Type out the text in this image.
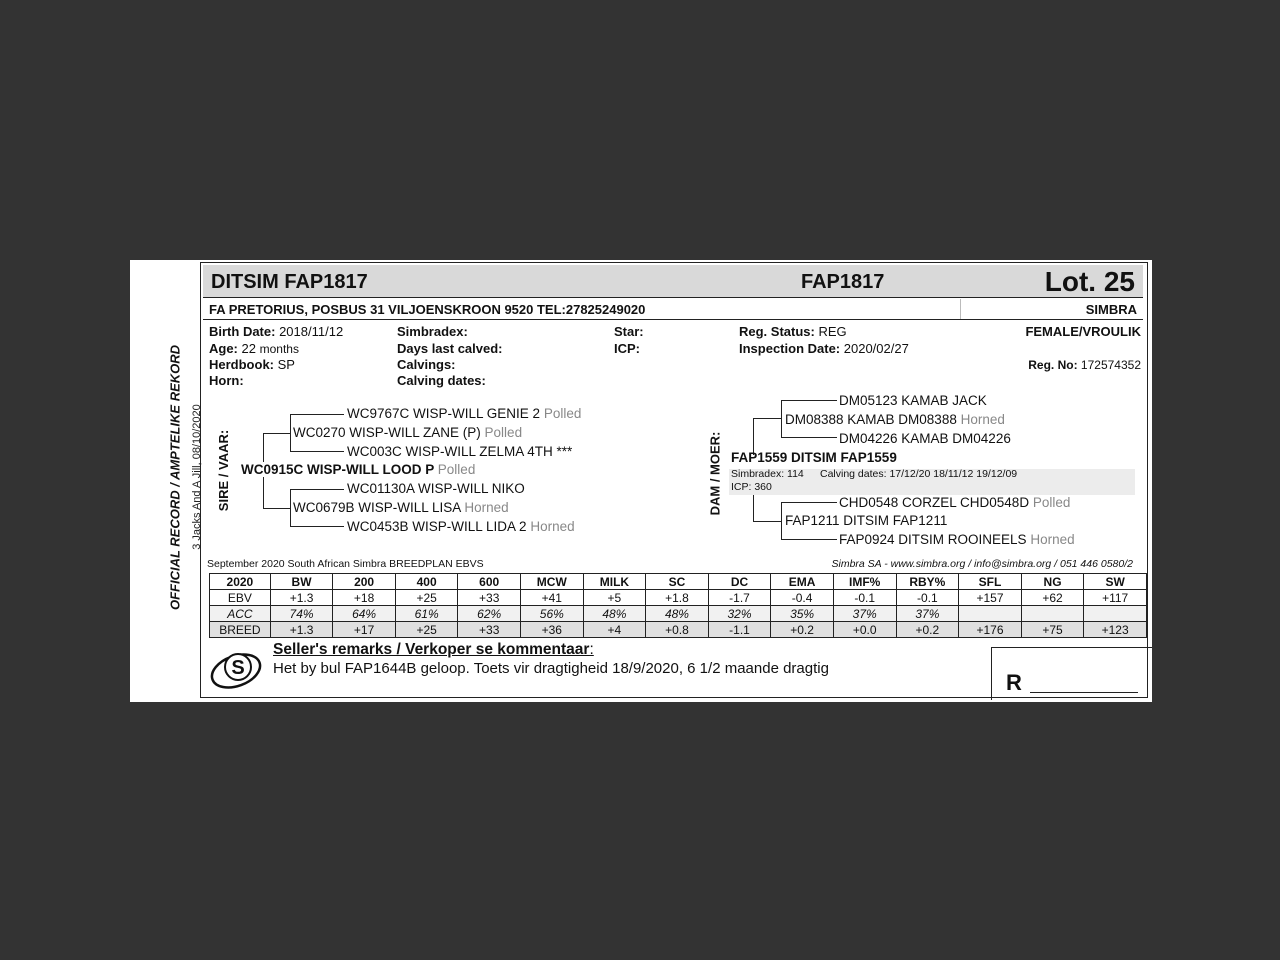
OFFICIAL RECORD / AMPTELIKE REKORD 3 Jacks And A Jill, 08/10/2020
DITSIM FAP1817	FAP1817	Lot. 25
FA PRETORIUS, POSBUS 31 VILJOENSKROON 9520 TEL:27825249020	SIMBRA
Birth Date: 2018/11/12
Age: 22 months
Herdbook: SP
Horn:
Simbradex:
Days last calved:
Calvings:
Calving dates:
Star:
ICP:
Reg. Status: REG
Inspection Date: 2020/02/27
FEMALE/VROULIK
Reg. No: 172574352
SIRE / VAAR:
WC9767C WISP-WILL GENIE 2 Polled
WC0270 WISP-WILL ZANE (P) Polled
WC003C WISP-WILL ZELMA 4TH ***
WC0915C WISP-WILL LOOD P Polled
WC01130A WISP-WILL NIKO
WC0679B WISP-WILL LISA Horned
WC0453B WISP-WILL LIDA 2 Horned
DAM / MOER:
DM05123 KAMAB JACK
DM08388 KAMAB DM08388 Horned
DM04226 KAMAB DM04226
FAP1559 DITSIM FAP1559
Simbradex: 114 Calving dates: 17/12/20 18/11/12 19/12/09
ICP: 360
CHD0548 CORZEL CHD0548D Polled
FAP1211 DITSIM FAP1211
FAP0924 DITSIM ROOINEELS Horned
September 2020 South African Simbra BREEDPLAN EBVS	Simbra SA - www.simbra.org / info@simbra.org / 051 446 0580/2
2020	BW	200	400	600	MCW	MILK	SC	DC	EMA	IMF%	RBY%	SFL	NG	SW
EBV	+1.3	+18	+25	+33	+41	+5	+1.8	-1.7	-0.4	-0.1	-0.1	+157	+62	+117
ACC	74%	64%	61%	62%	56%	48%	48%	32%	35%	37%	37%			
BREED	+1.3	+17	+25	+33	+36	+4	+0.8	-1.1	+0.2	+0.0	+0.2	+176	+75	+123
S
Seller's remarks / Verkoper se kommentaar:
Het by bul FAP1644B geloop. Toets vir dragtigheid 18/9/2020, 6 1/2 maande dragtig
R
